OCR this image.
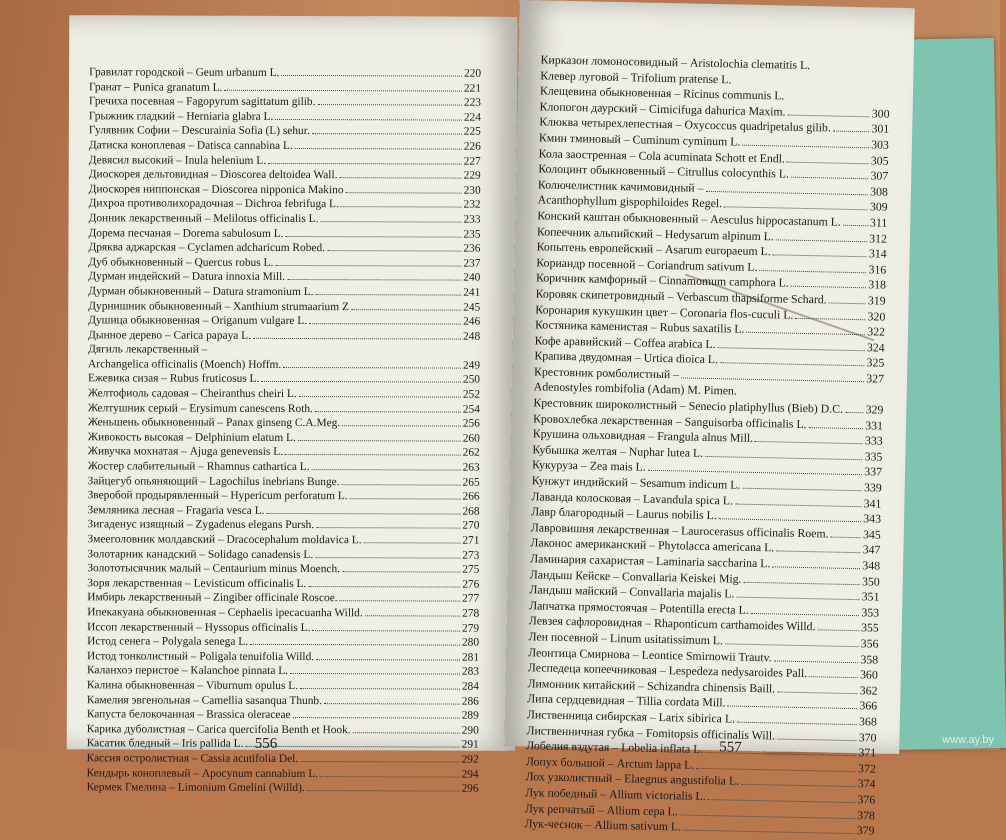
Гравилат городской – Geum urbanum L.	220
Гранат – Punica granatum L.	221
Гречиха посевная – Fagopyrum sagittatum gilib.	223
Грыжник гладкий – Herniaria glabra L.	224
Гулявник Софии – Descurainia Sofia (L) sehur.	225
Датиска коноплевая – Datisca cannabina L.	226
Девясил высокий – Inula helenium L.	227
Диоскорея дельтовидная – Dioscorea deltoidea Wall.	229
Диоскорея ниппонская – Dioscorea nipponica Makino	230
Дихроа противолихорадочная – Dichroa febrifuga L.	232
Донник лекарственный – Melilotus officinalis L.	233
Дорема песчаная – Dorema sabulosum L.	235
Дряква аджарская – Cyclamen adcharicum Robed.	236
Дуб обыкновенный – Quercus robus L.	237
Дурман индейский – Datura innoxia Mill.	240
Дурман обыкновенный – Datura stramonium L.	241
Дурнишник обыкновенный – Xanthium strumaarium Z	245
Душица обыкновенная – Origanum vulgare L.	246
Дынное дерево – Carica papaya L.	248
Дягиль лекарственный –
Archangelica officinalis (Moench) Hoffm.	249
Ежевика сизая – Rubus fruticosus L.	250
Желтофиоль садовая – Cheiranthus cheiri L.	252
Желтушник серый – Erysimum canescens Roth.	254
Женьшень обыкновенный – Panax ginseng C.A.Meg.	256
Живокость высокая – Delphinium elatum L.	260
Живучка мохнатая – Ajuga genevensis L.	262
Жостер слабительный – Rhamnus cathartica L.	263
Зайцегуб опьяняющий – Lagochilus inebrians Bunge.	265
Зверобой продырявленный – Hypericum perforatum L.	266
Земляника лесная – Fragaria vesca L.	268
Зигаденус изящный – Zygadenus elegans Pursh.	270
Змееголовник молдавский – Dracocephalum moldavica L.	271
Золотарник канадский – Solidago canadensis L.	273
Золототысячник малый – Centaurium minus Moench.	275
Зоря лекарственная – Levisticum officinalis L.	276
Имбирь лекарственный – Zingiber officinale Roscoe.	277
Ипекакуана обыкновенная – Cephaelis ipecacuanha Willd.	278
Иссоп лекарственный – Hyssopus officinalis L.	279
Истод сенега – Polygala senega L.	280
Истод тонколистный – Poligala tenuifolia Willd.	281
Каланхоэ перистое – Kalanchoe pinnata L.	283
Калина обыкновенная – Viburnum opulus L.	284
Камелия эвгенольная – Camellia sasanqua Thunb.	286
Капуста белокочанная – Brassica oleraceae	289
Карика дуболистная – Carica quercifolia Benth et Hook.	290
Касатик бледный – Iris pallida L.	291
Кассия остролистная – Cassia acutifolia Del.	292
Кендырь коноплевый – Apocynum cannabium L.	294
Кермек Гмелина – Limonium Gmelini (Willd).	296
556
Кирказон ломоносовидный – Aristolochia clematitis L.
Клевер луговой – Trifolium pratense L.
Клещевина обыкновенная – Ricinus communis L.
Клопогон даурский – Cimicifuga dahurica Maxim.	300
Клюква четырехлепестная – Oxycoccus quadripetalus gilib.	301
Кмин тминовый – Cuminum cyminum L.	303
Кола заостренная – Cola acuminata Schott et Endl.	305
Колоцинт обыкновенный – Citrullus colocynthis L.	307
Колючелистник качимовидный –	308
Acanthophyllum gispophiloides Regel.	309
Конский каштан обыкновенный – Aesculus hippocastanum L. 311
Копеечник альпийский – Hedysarum alpinum L.	312
Копытень европейский – Asarum europaeum L.	314
Кориандр посевной – Coriandrum sativum L.	316
Коричник камфорный – Cinnamomum camphora L.	318
Коровяк скипетровидный – Verbascum thapsiforme Schard.	319
Коронария кукушкин цвет – Coronaria flos-cuculi L.	320
Костяника каменистая – Rubus saxatilis L.	322
Кофе аравийский – Coffea arabica L.	324
Крапива двудомная – Urtica dioica L.	325
Крестовник ромболистный –	327
Adenostyles rombifolia (Adam) M. Pimen.
Крестовник широколистный – Senecio platiphyllus (Bieb) D.C. 329
Кровохлебка лекарственная – Sanguisorba officinalis L.	331
Крушина ольховидная – Frangula alnus Mill.	333
Кубышка желтая – Nuphar lutea L.	335
Кукуруза – Zea mais L.	337
Кунжут индийский – Sesamum indicum L.	339
Лаванда колосковая – Lavandula spica L.	341
Лавр благородный – Laurus nobilis L.	343
Лавровишня лекарственная – Laurocerasus officinalis Roem.	345
Лаконос американский – Phytolacca americana L.	347
Ламинария сахаристая – Laminaria saccharina L.	348
Ландыш Кейске – Convallaria Keiskei Mig.	350
Ландыш майский – Convallaria majalis L.	351
Лапчатка прямостоячая – Potentilla erecta L.	353
Левзея сафлоровидная – Rhaponticum carthamoides Willd.	355
Лен посевной – Linum usitatissimum L.	356
Леонтица Смирнова – Leontice Smirnowii Trautv.	358
Леспедеца копеечниковая – Lespedeza nedysaroides Pall.	360
Лимонник китайский – Schizandra chinensis Baill.	362
Липа сердцевидная – Tillia cordata Mill.	366
Лиственница сибирская – Larix sibirica L.	368
Лиственничная губка – Fomitopsis officinalis Will.	370
Лобелия вздутая – Lobelia inflata L.	371
Лопух большой – Arctum lappa L.	372
Лох узколистный – Elaegnus angustifolia L.	374
Лук победный – Allium victorialis L.	376
Лук репчатый – Allium cepa L.	378
Лук-чеснок – Allium sativum L.	379
557	www.ay.by
